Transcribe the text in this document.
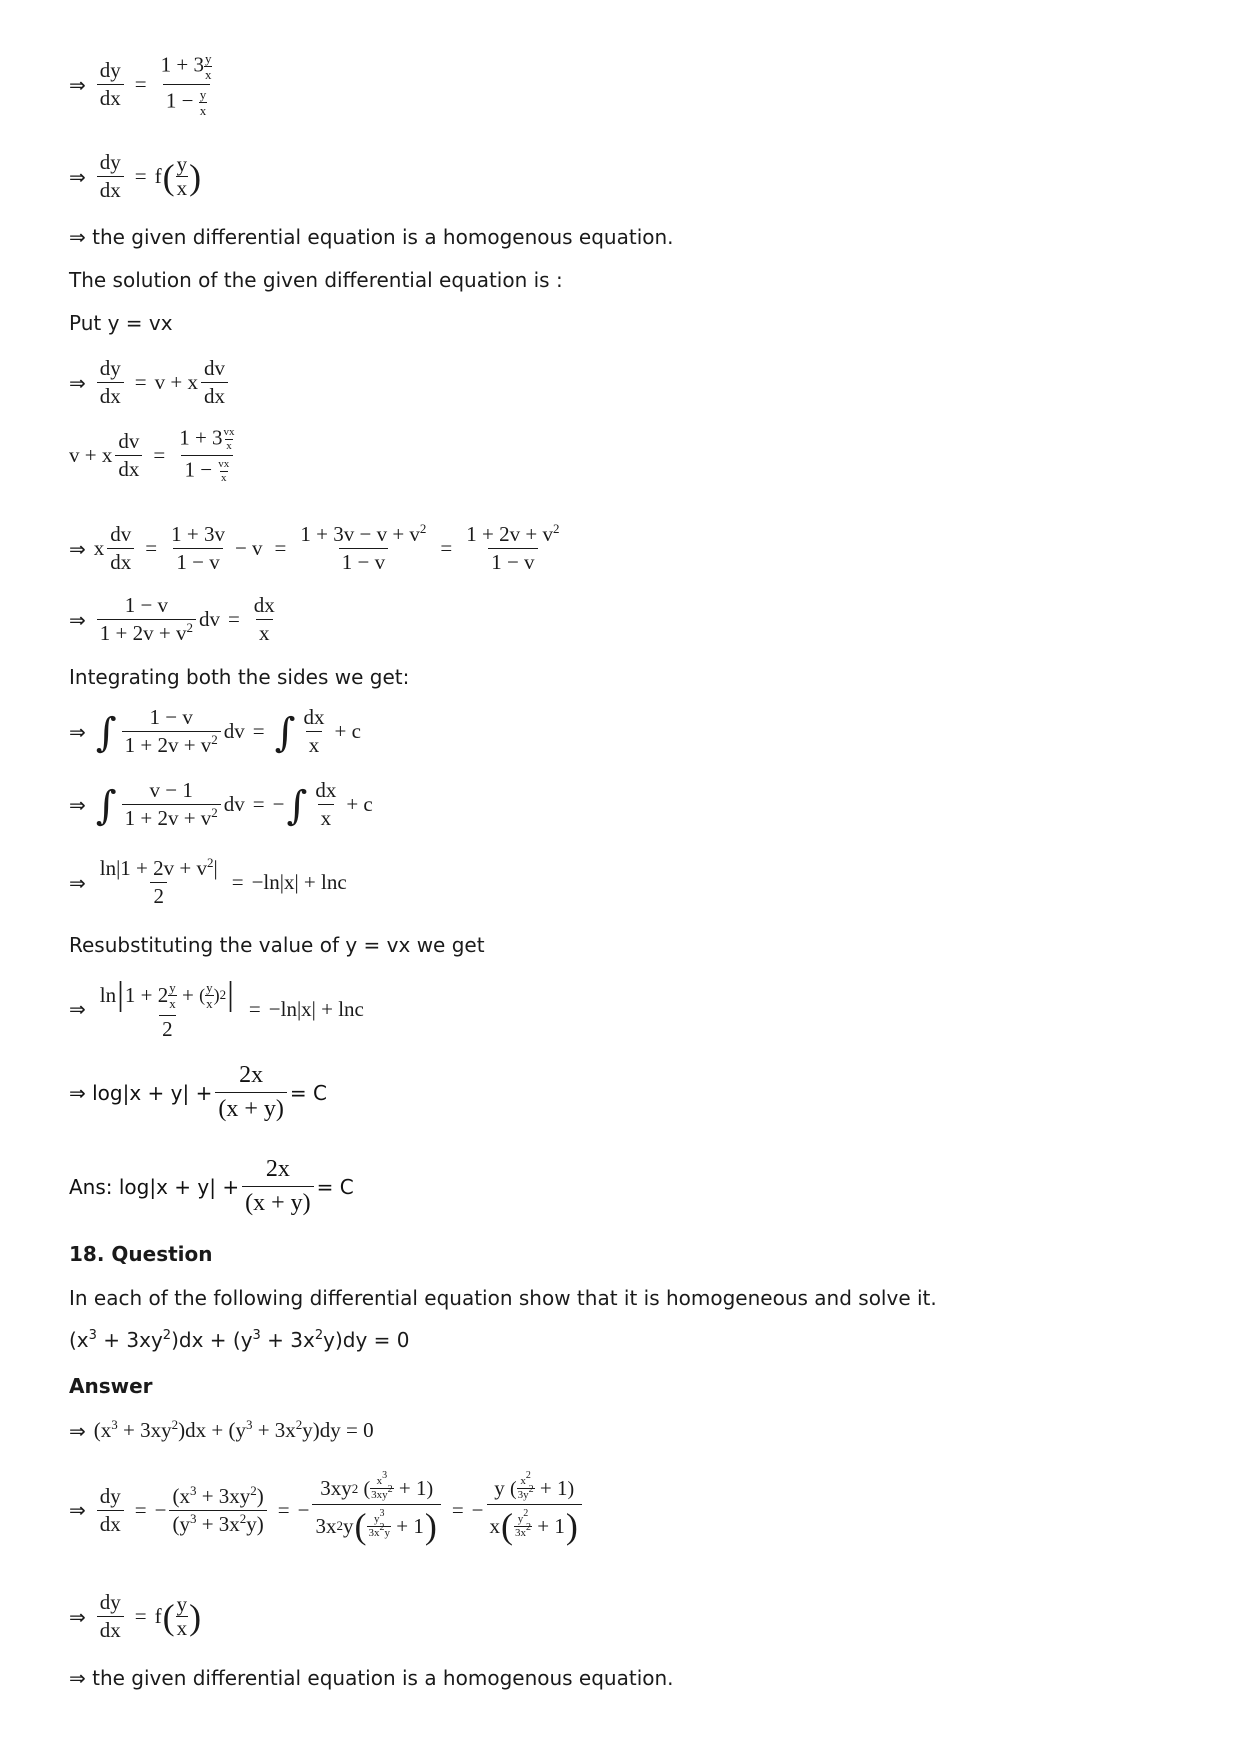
⇒ $\frac{dy}{dx} = \frac{1 + 3 \frac{y}{x}}{1 - \frac{y}{x}}$
⇒ $\frac{dy}{dx} = f$ ( y
x )
⇒ the given differential equation is a homogenous equation.
The solution of the given differential equation is :
Put y = vx
⇒ $\frac{dy}{dx} = v + x$
dv
dx
v + x $\frac{dv}{dx}$ =
$1 + 3 \frac{vx}{x}$
$1 - \frac{vx}{x}$
⇒ x $\frac{dv}{dx} = \frac{1 + 3v}{1 - v} - v = \frac{1 + 3v - v + v^2}{1 - v} = \frac{1 + 2v + v^2}{1 - v}$
⇒
1 − v
$1 + 2v + v^2$ dv = $\frac{dx}{x}$
Integrating both the sides we get:
⇒ ∫ 1 − v
$1 + 2v + v^2$ dv = ∫ dx
x
+ c
⇒ ∫ v − 1
$1 + 2v + v^2$ dv = − ∫ dx
x
+ c
⇒ $\frac{\ln|1 + 2v + v^2|}{2} = -\ln|x| + \ln c$
Resubstituting the value of y = vx we get
⇒ ln | 1 + 2 y
x + ( y
x ) 2 |
2 = −ln|x| + lnc
⇒ $\log|x + y| + \frac{2x}{(x + y)} = C$
Ans: $\log|x + y| + \frac{2x}{(x + y)} = C$
18. Question
In each of the following differential equation show that it is homogeneous and solve it.
$(x^3 + 3xy^2)dx + (y^3 + 3x^2y)dy = 0$
Answer
⇒ $(x^3 + 3xy^2)dx + (y^3 + 3x^2y)dy = 0$
⇒ $\frac{dy}{dx}$ = − $\frac{(x^3 + 3xy^2)}{(y^3 + 3x^2y)}$ = − 3xy 2
( $x^3$
$3xy^2 + 1$ )
3x 2 y ( $y^3$
$3x^2y + 1$ ) = − y ( $x^2$
$3y^2 + 1$ )
x ( $y^2$
$3x^2 + 1$ )
⇒ $\frac{dy}{dx} = f$ ( y
x )
⇒ the given differential equation is a homogenous equation.
